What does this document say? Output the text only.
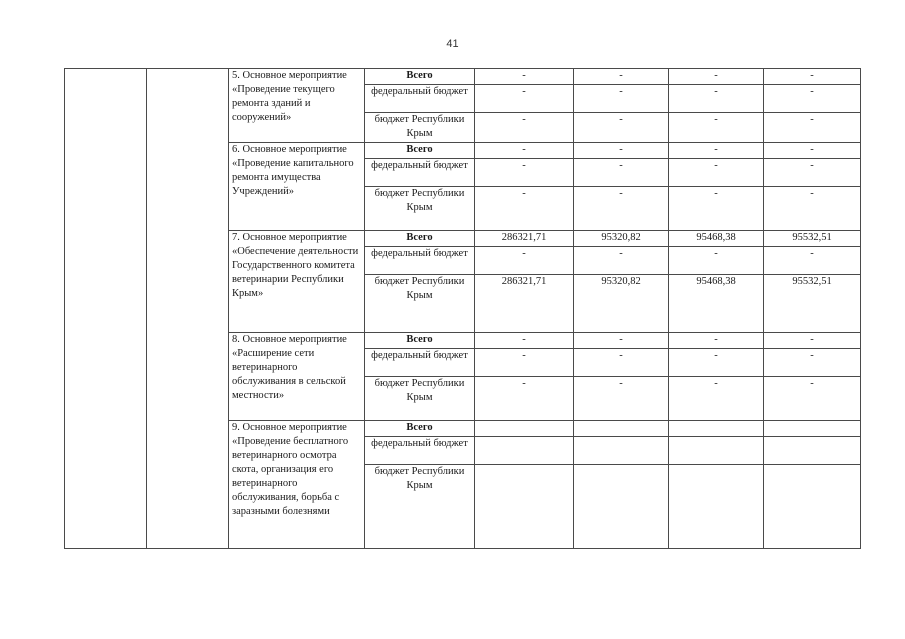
41
		5. Основное мероприятие «Проведение текущего ремонта зданий и сооружений»	Всего	-	-	-	-
			федеральный бюджет	-	-	-	-
			бюджет Республики Крым	-	-	-	-
		6. Основное мероприятие «Проведение капитального ремонта имущества Учреждений»	Всего	-	-	-	-
			федеральный бюджет	-	-	-	-
			бюджет Республики Крым	-	-	-	-
		7. Основное мероприятие «Обеспечение деятельности Государственного комитета ветеринарии Республики Крым»	Всего	286321,71	95320,82	95468,38	95532,51
			федеральный бюджет	-	-	-	-
			бюджет Республики Крым	286321,71	95320,82	95468,38	95532,51
		8. Основное мероприятие «Расширение сети ветеринарного обслуживания в сельской местности»	Всего	-	-	-	-
			федеральный бюджет	-	-	-	-
			бюджет Республики Крым	-	-	-	-
		9. Основное мероприятие «Проведение бесплатного ветеринарного осмотра скота, организация его ветеринарного обслуживания, борьба с заразными болезнями	Всего				
			федеральный бюджет				
			бюджет Республики Крым				
